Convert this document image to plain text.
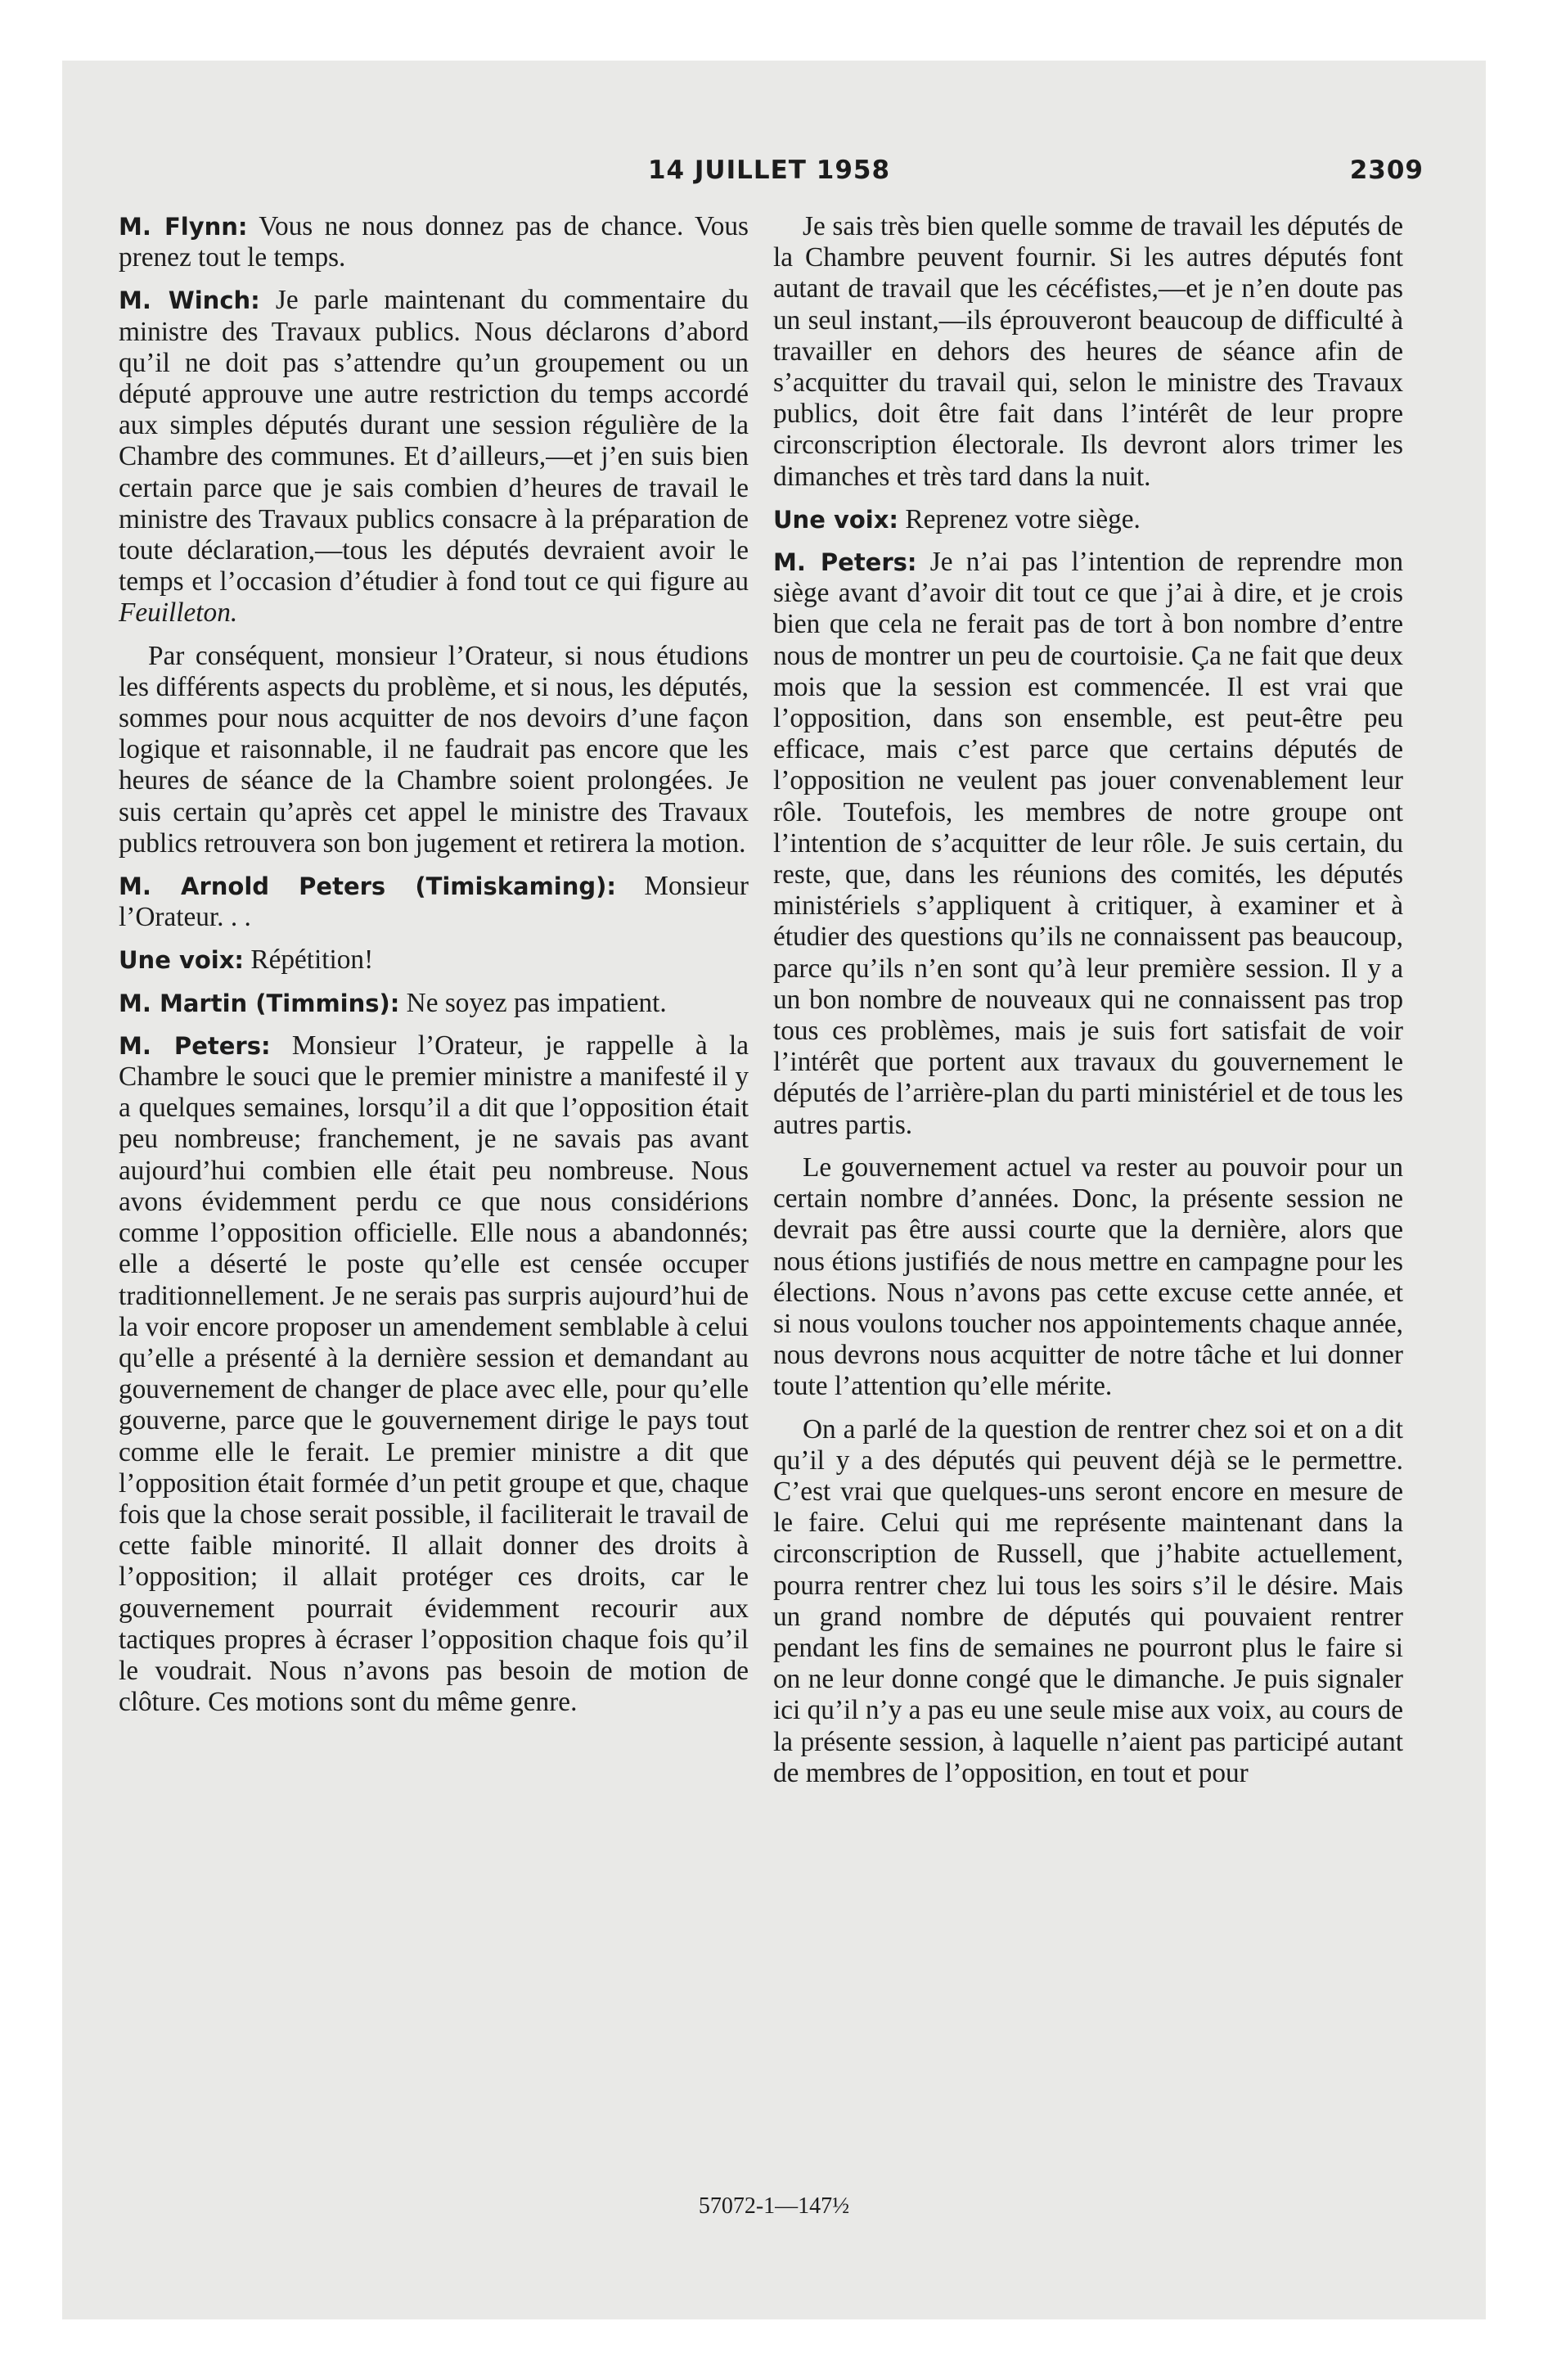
14 JUILLET 1958	2309

M. Flynn: Vous ne nous donnez pas de chance. Vous prenez tout le temps.

M. Winch: Je parle maintenant du commentaire du ministre des Travaux publics. Nous déclarons d’abord qu’il ne doit pas s’attendre qu’un groupement ou un député approuve une autre restriction du temps accordé aux simples députés durant une session régulière de la Chambre des communes. Et d’ailleurs,—et j’en suis bien certain parce que je sais combien d’heures de travail le ministre des Travaux publics consacre à la préparation de toute déclaration,—tous les députés devraient avoir le temps et l’occasion d’étudier à fond tout ce qui figure au Feuilleton.

Par conséquent, monsieur l’Orateur, si nous étudions les différents aspects du problème, et si nous, les députés, sommes pour nous acquitter de nos devoirs d’une façon logique et raisonnable, il ne faudrait pas encore que les heures de séance de la Chambre soient prolongées. Je suis certain qu’après cet appel le ministre des Travaux publics retrouvera son bon jugement et retirera la motion.

M. Arnold Peters (Timiskaming): Monsieur l’Orateur. . .

Une voix: Répétition!

M. Martin (Timmins): Ne soyez pas impatient.

M. Peters: Monsieur l’Orateur, je rappelle à la Chambre le souci que le premier ministre a manifesté il y a quelques semaines, lorsqu’il a dit que l’opposition était peu nombreuse; franchement, je ne savais pas avant aujourd’hui combien elle était peu nombreuse. Nous avons évidemment perdu ce que nous considérions comme l’opposition officielle. Elle nous a abandonnés; elle a déserté le poste qu’elle est censée occuper traditionnellement. Je ne serais pas surpris aujourd’hui de la voir encore proposer un amendement semblable à celui qu’elle a présenté à la dernière session et demandant au gouvernement de changer de place avec elle, pour qu’elle gouverne, parce que le gouvernement dirige le pays tout comme elle le ferait. Le premier ministre a dit que l’opposition était formée d’un petit groupe et que, chaque fois que la chose serait possible, il faciliterait le travail de cette faible minorité. Il allait donner des droits à l’opposition; il allait protéger ces droits, car le gouvernement pourrait évidemment recourir aux tactiques propres à écraser l’opposition chaque fois qu’il le voudrait. Nous n’avons pas besoin de motion de clôture. Ces motions sont du même genre.

Je sais très bien quelle somme de travail les députés de la Chambre peuvent fournir. Si les autres députés font autant de travail que les cécéfistes,—et je n’en doute pas un seul instant,—ils éprouveront beaucoup de difficulté à travailler en dehors des heures de séance afin de s’acquitter du travail qui, selon le ministre des Travaux publics, doit être fait dans l’intérêt de leur propre circonscription électorale. Ils devront alors trimer les dimanches et très tard dans la nuit.

Une voix: Reprenez votre siège.

M. Peters: Je n’ai pas l’intention de reprendre mon siège avant d’avoir dit tout ce que j’ai à dire, et je crois bien que cela ne ferait pas de tort à bon nombre d’entre nous de montrer un peu de courtoisie. Ça ne fait que deux mois que la session est commencée. Il est vrai que l’opposition, dans son ensemble, est peut-être peu efficace, mais c’est parce que certains députés de l’opposition ne veulent pas jouer convenablement leur rôle. Toutefois, les membres de notre groupe ont l’intention de s’acquitter de leur rôle. Je suis certain, du reste, que, dans les réunions des comités, les députés ministériels s’appliquent à critiquer, à examiner et à étudier des questions qu’ils ne connaissent pas beaucoup, parce qu’ils n’en sont qu’à leur première session. Il y a un bon nombre de nouveaux qui ne connaissent pas trop tous ces problèmes, mais je suis fort satisfait de voir l’intérêt que portent aux travaux du gouvernement le députés de l’arrière-plan du parti ministériel et de tous les autres partis.

Le gouvernement actuel va rester au pouvoir pour un certain nombre d’années. Donc, la présente session ne devrait pas être aussi courte que la dernière, alors que nous étions justifiés de nous mettre en campagne pour les élections. Nous n’avons pas cette excuse cette année, et si nous voulons toucher nos appointements chaque année, nous devrons nous acquitter de notre tâche et lui donner toute l’attention qu’elle mérite.

On a parlé de la question de rentrer chez soi et on a dit qu’il y a des députés qui peuvent déjà se le permettre. C’est vrai que quelques-uns seront encore en mesure de le faire. Celui qui me représente maintenant dans la circonscription de Russell, que j’habite actuellement, pourra rentrer chez lui tous les soirs s’il le désire. Mais un grand nombre de députés qui pouvaient rentrer pendant les fins de semaines ne pourront plus le faire si on ne leur donne congé que le dimanche. Je puis signaler ici qu’il n’y a pas eu une seule mise aux voix, au cours de la présente session, à laquelle n’aient pas participé autant de membres de l’opposition, en tout et pour

57072-1—147½
